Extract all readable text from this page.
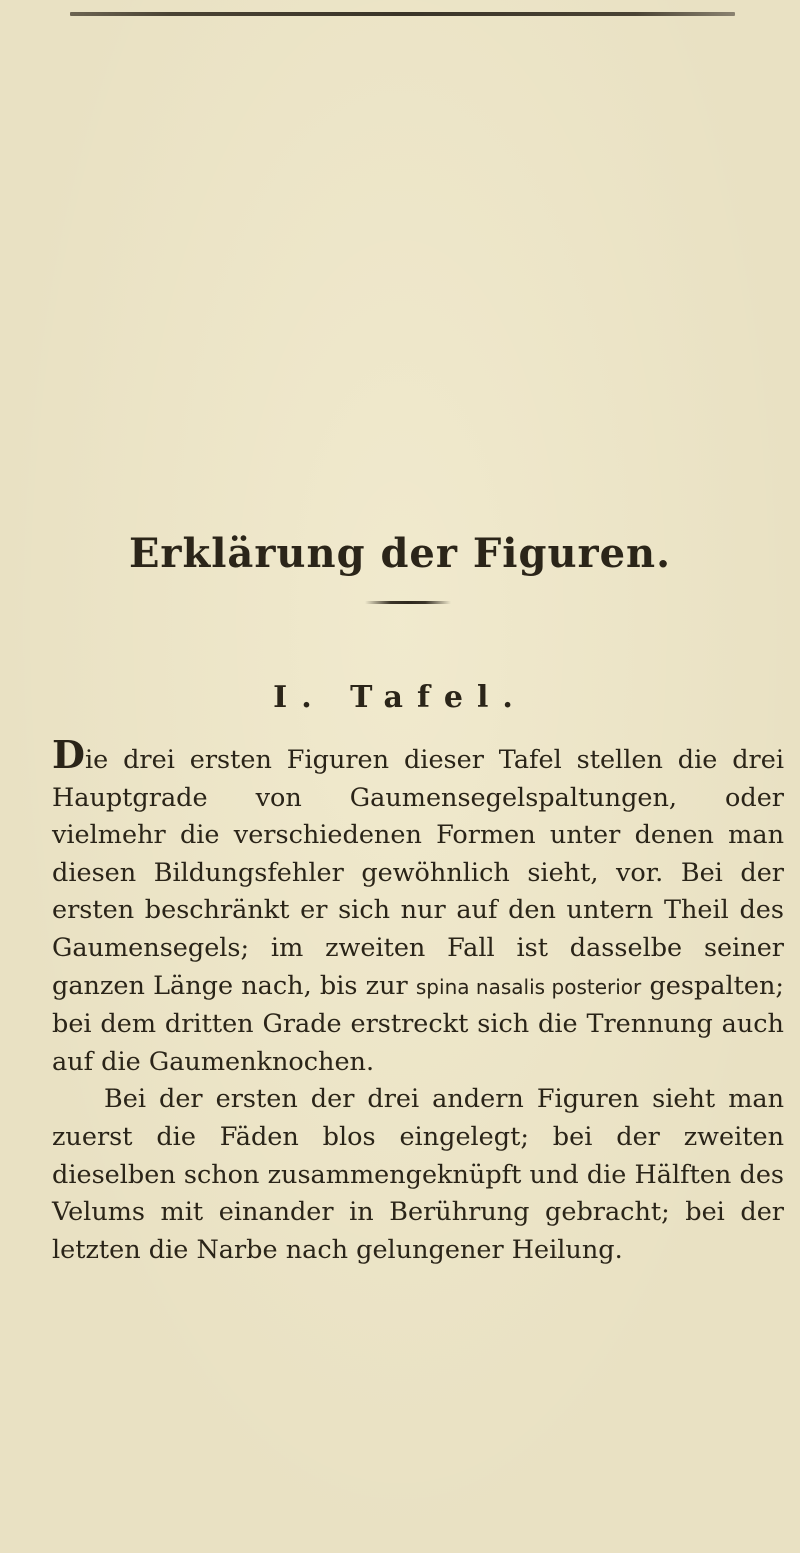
Erklärung der Figuren.
I. Tafel.

Die drei ersten Figuren dieser Tafel stellen die drei Hauptgrade von Gaumensegelspaltungen, oder vielmehr die verschiedenen Formen unter denen man diesen Bildungsfehler gewöhnlich sieht, vor. Bei der ersten beschränkt er sich nur auf den untern Theil des Gaumensegels; im zweiten Fall ist dasselbe seiner ganzen Länge nach, bis zur spina nasalis posterior gespalten; bei dem dritten Grade erstreckt sich die Trennung auch auf die Gaumenknochen.

Bei der ersten der drei andern Figuren sieht man zuerst die Fäden blos eingelegt; bei der zweiten dieselben schon zusammengeknüpft und die Hälften des Velums mit einander in Berührung gebracht; bei der letzten die Narbe nach gelungener Heilung.
